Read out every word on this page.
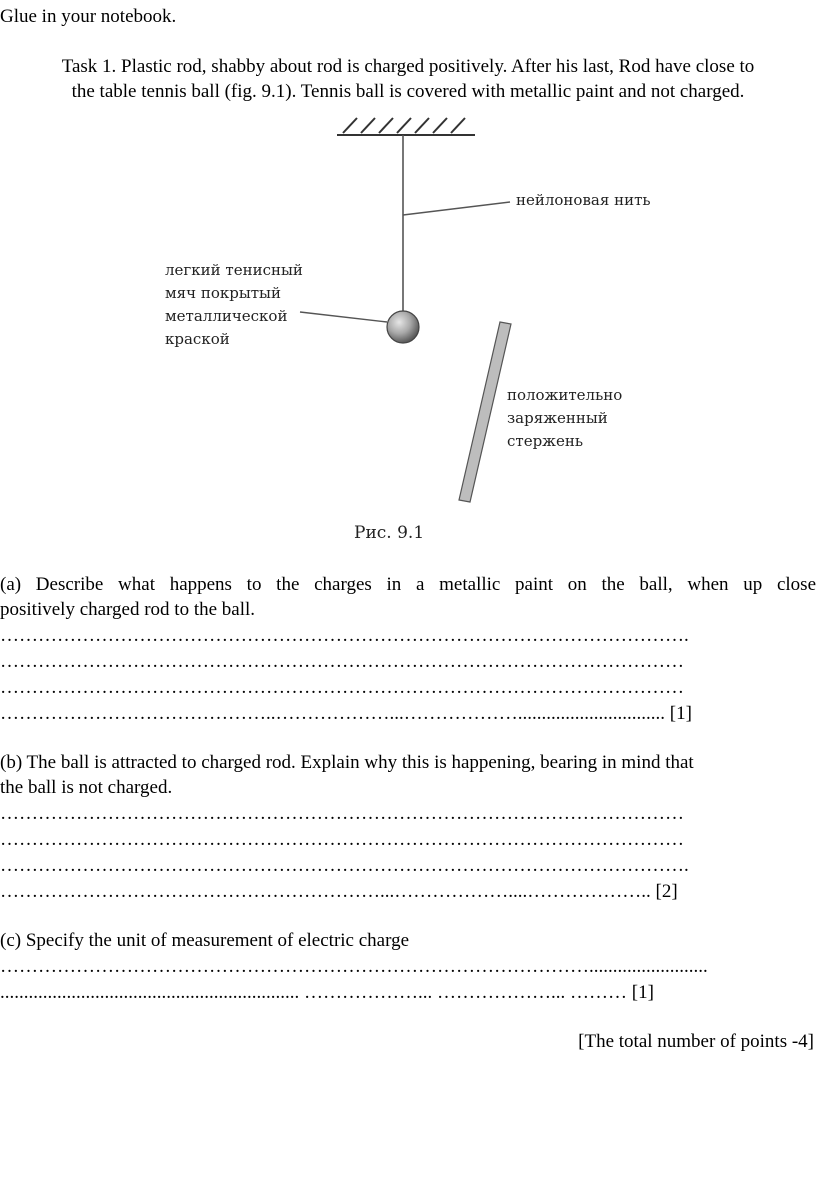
Glue in your notebook.
Task 1. Plastic rod, shabby about rod is charged positively. After his last, Rod have close to
the table tennis ball (fig. 9.1). Tennis ball is covered with metallic paint and not charged.
нейлоновая нить
легкий тенисный мяч покрытый металлической краской
положительно заряженный стержень
Рис. 9.1
(a) Describe what happens to the charges in a metallic paint on the ball, when up close
positively charged rod to the ball.
……………………………………………………………………………………………….
………………………………………………………………………………………………
………………………………………………………………………………………………
……………………………………..………………...………………............................... [1]
(b) The ball is attracted to charged rod. Explain why this is happening, bearing in mind that
the ball is not charged.
………………………………………………………………………………………………
………………………………………………………………………………………………
……………………………………………………………………………………………….
……………………………………………………...………………....……………….. [2]
(c) Specify the unit of measurement of electric charge
………………………………………………………………………………….........................
............................................................... ………………... ………………... ……… [1]
[The total number of points -4]
